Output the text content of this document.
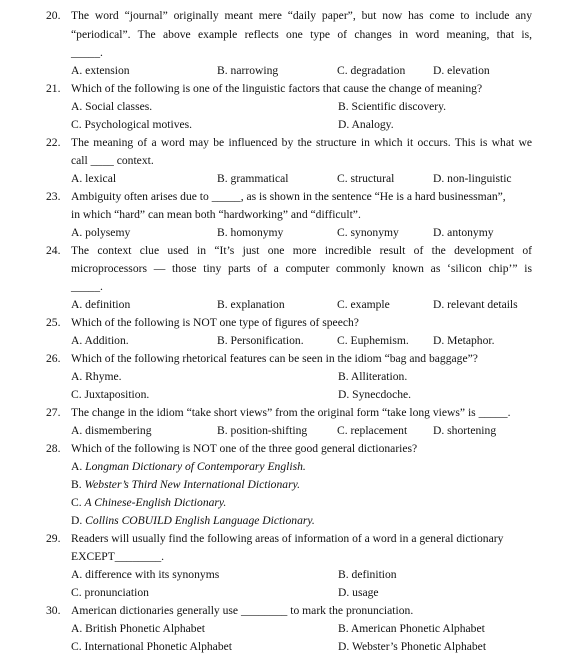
20. The word “journal” originally meant mere “daily paper”, but now has come to include any
“periodical”. The above example reflects one type of changes in word meaning, that is,
_____.
A. extension	B. narrowing	C. degradation D. elevation
21. Which of the following is one of the linguistic factors that cause the change of meaning?
A. Social classes.	B. Scientific discovery.
C. Psychological motives.	D. Analogy.
22. The meaning of a word may be influenced by the structure in which it occurs. This is what we
call ____ context.
A. lexical	B. grammatical	C. structural	D. non-linguistic
23. Ambiguity often arises due to _____, as is shown in the sentence “He is a hard businessman”,
in which “hard” can mean both “hardworking” and “difficult”.
A. polysemy	B. homonymy	C. synonymy	D. antonymy
24. The context clue used in “It’s just one more incredible result of the development of
microprocessors — those tiny parts of a computer commonly known as ‘silicon chip’” is
_____.
A. definition	B. explanation	C. example	D. relevant details
25. Which of the following is NOT one type of figures of speech?
A. Addition.	B. Personification.	C. Euphemism. D. Metaphor.
26. Which of the following rhetorical features can be seen in the idiom “bag and baggage”?
A. Rhyme.	B. Alliteration.
C. Juxtaposition.	D. Synecdoche.
27. The change in the idiom “take short views” from the original form “take long views” is _____.
A. dismembering	B. position-shifting	C. replacement D. shortening
28. Which of the following is NOT one of the three good general dictionaries?
A. Longman Dictionary of Contemporary English.
B. Webster’s Third New International Dictionary.
C. A Chinese-English Dictionary.
D. Collins COBUILD English Language Dictionary.
29. Readers will usually find the following areas of information of a word in a general dictionary
EXCEPT________.
A. difference with its synonyms	B. definition
C. pronunciation	D. usage
30. American dictionaries generally use ________ to mark the pronunciation.
A. British Phonetic Alphabet	B. American Phonetic Alphabet
C. International Phonetic Alphabet	D. Webster’s Phonetic Alphabet
